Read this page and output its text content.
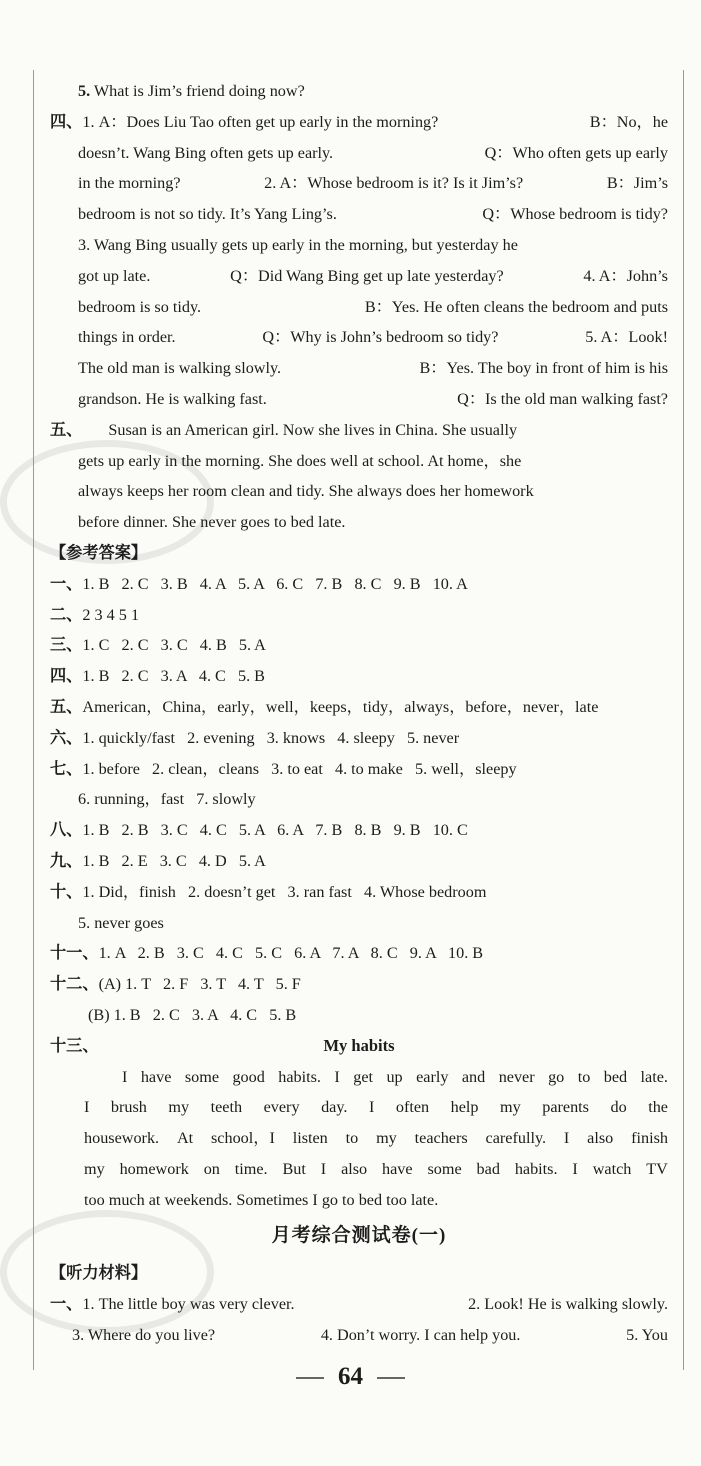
5. What is Jim’s friend doing now?
四、1. A：Does Liu Tao often get up early in the morning?	B：No，he
doesn’t. Wang Bing often gets up early.	Q：Who often gets up early
in the morning?	2. A：Whose bedroom is it? Is it Jim’s?	B：Jim’s
bedroom is not so tidy. It’s Yang Ling’s.	Q：Whose bedroom is tidy?
3. Wang Bing usually gets up early in the morning, but yesterday he
got up late.	Q：Did Wang Bing get up late yesterday?	4. A：John’s
bedroom is so tidy.	B：Yes. He often cleans the bedroom and puts
things in order.	Q：Why is John’s bedroom so tidy?	5. A：Look!
The old man is walking slowly.	B：Yes. The boy in front of him is his
grandson. He is walking fast.	Q：Is the old man walking fast?
五、 Susan is an American girl. Now she lives in China. She usually
gets up early in the morning. She does well at school. At home，she
always keeps her room clean and tidy. She always does her homework
before dinner. She never goes to bed late.
【参考答案】
一、1. B   2. C   3. B   4. A   5. A   6. C   7. B   8. C   9. B   10. A
二、2 3 4 5 1
三、1. C   2. C   3. C   4. B   5. A
四、1. B   2. C   3. A   4. C   5. B
五、American，China，early，well，keeps，tidy，always，before，never，late
六、1. quickly/fast   2. evening   3. knows   4. sleepy   5. never
七、1. before   2. clean，cleans   3. to eat   4. to make   5. well，sleepy
6. running，fast   7. slowly
八、1. B   2. B   3. C   4. C   5. A   6. A   7. B   8. B   9. B   10. C
九、1. B   2. E   3. C   4. D   5. A
十、1. Did，finish   2. doesn’t get   3. ran fast   4. Whose bedroom
5. never goes
十一、1. A   2. B   3. C   4. C   5. C   6. A   7. A   8. C   9. A   10. B
十二、(A) 1. T   2. F   3. T   4. T   5. F
(B) 1. B   2. C   3. A   4. C   5. B
十三、	My habits
I have some good habits. I get up early and never go to bed late.
I brush my teeth every day. I often help my parents do the
housework. At school，I listen to my teachers carefully. I also finish
my homework on time. But I also have some bad habits. I watch TV
too much at weekends. Sometimes I go to bed too late.
月考综合测试卷(一)
【听力材料】
一、1. The little boy was very clever.	2. Look! He is walking slowly.
3. Where do you live?	4. Don’t worry. I can help you.	5. You
64
